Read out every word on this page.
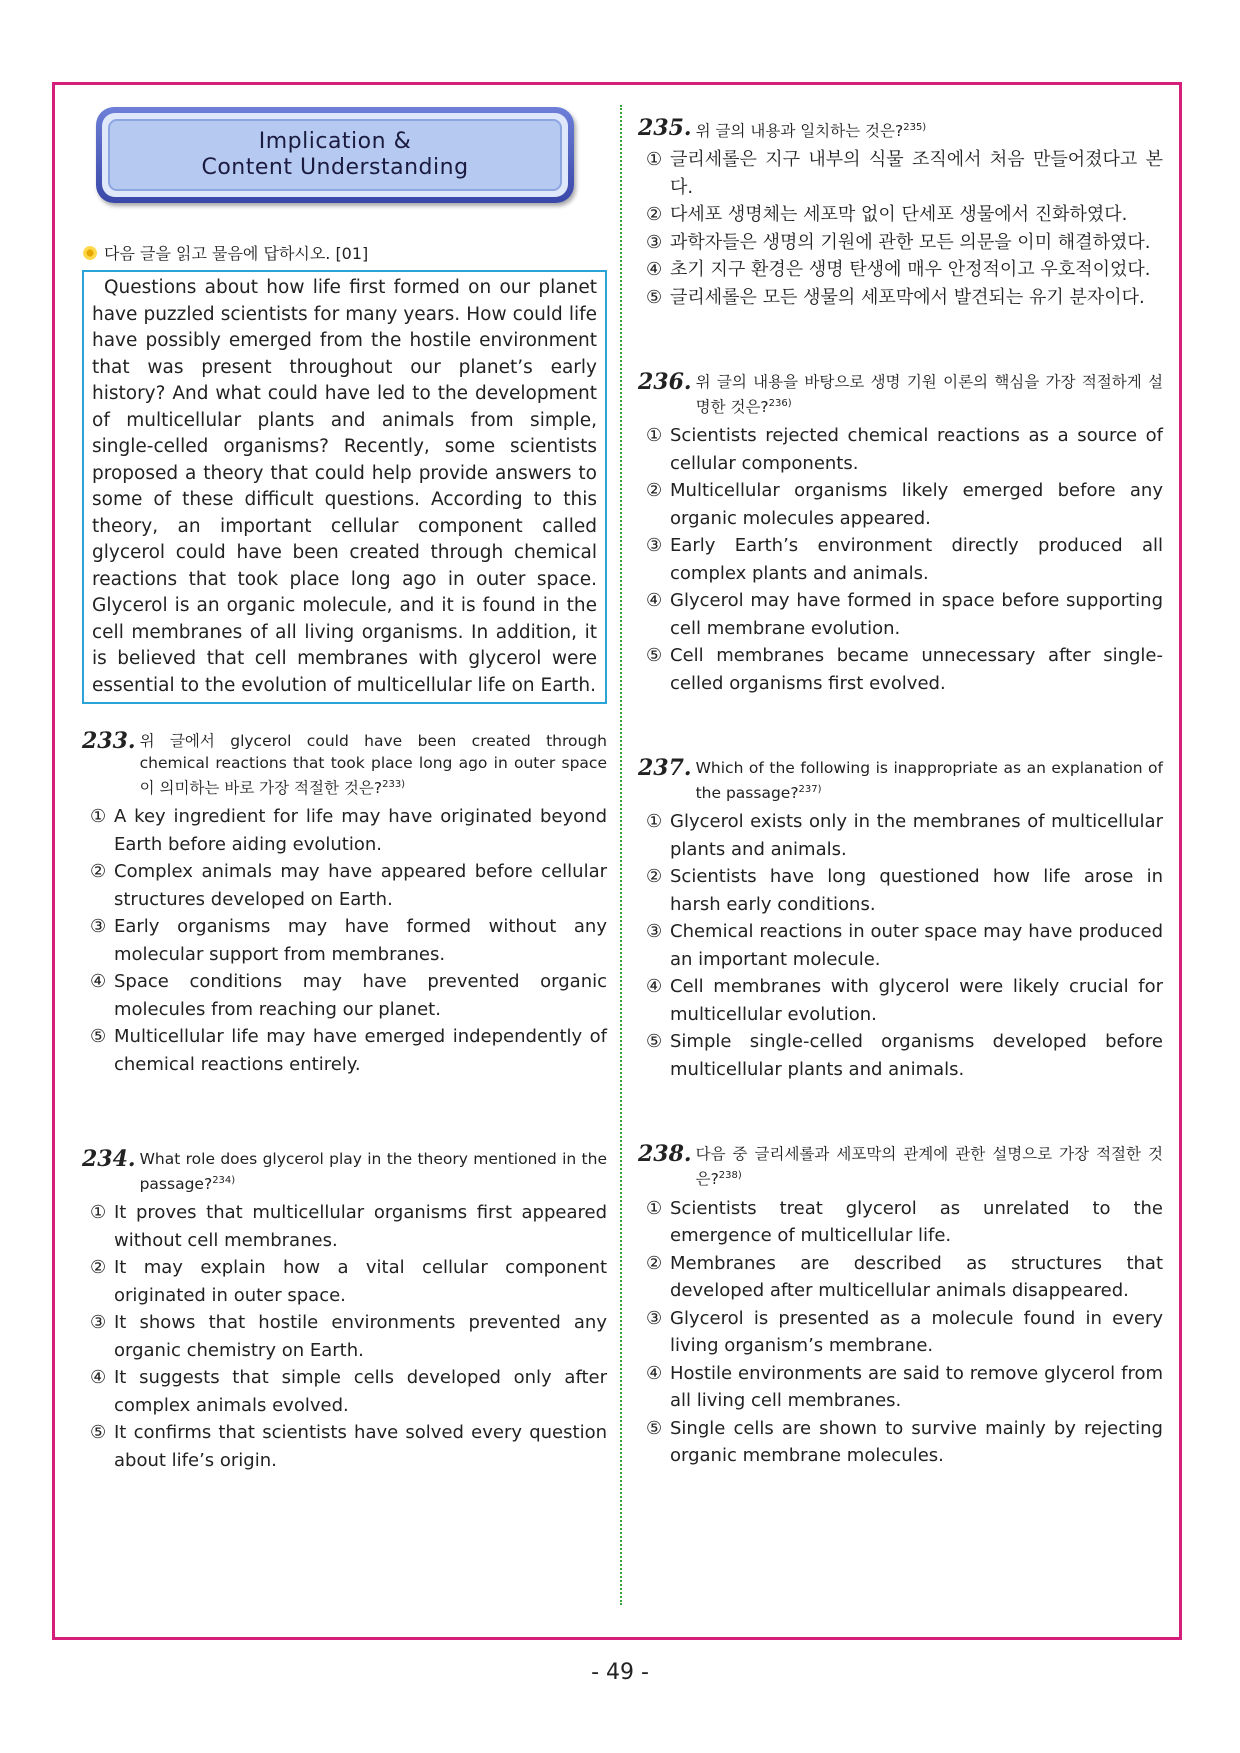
Implication &
Content Understanding
다음 글을 읽고 물음에 답하시오. [01]
Questions about how life first formed on our planet have puzzled scientists for many years. How could life have possibly emerged from the hostile environment that was present throughout our planet’s early history? And what could have led to the development of multicellular plants and animals from simple, single-celled organisms? Recently, some scientists proposed a theory that could help provide answers to some of these difficult questions. According to this theory, an important cellular component called glycerol could have been created through chemical reactions that took place long ago in outer space. Glycerol is an organic molecule, and it is found in the cell membranes of all living organisms. In addition, it is believed that cell membranes with glycerol were essential to the evolution of multicellular life on Earth.
233. 위 글에서 glycerol could have been created through chemical reactions that took place long ago in outer space 이 의미하는 바로 가장 적절한 것은?$^{233)}$
① A key ingredient for life may have originated beyond Earth before aiding evolution.
② Complex animals may have appeared before cellular structures developed on Earth.
③ Early organisms may have formed without any molecular support from membranes.
④ Space conditions may have prevented organic molecules from reaching our planet.
⑤ Multicellular life may have emerged independently of chemical reactions entirely.
234. What role does glycerol play in the theory mentioned in the passage?$^{234)}$
① It proves that multicellular organisms first appeared without cell membranes.
② It may explain how a vital cellular component originated in outer space.
③ It shows that hostile environments prevented any organic chemistry on Earth.
④ It suggests that simple cells developed only after complex animals evolved.
⑤ It confirms that scientists have solved every question about life’s origin.
235. 위 글의 내용과 일치하는 것은?$^{235)}$
① 글리세롤은 지구 내부의 식물 조직에서 처음 만들어졌다고 본다.
② 다세포 생명체는 세포막 없이 단세포 생물에서 진화하였다.
③ 과학자들은 생명의 기원에 관한 모든 의문을 이미 해결하였다.
④ 초기 지구 환경은 생명 탄생에 매우 안정적이고 우호적이었다.
⑤ 글리세롤은 모든 생물의 세포막에서 발견되는 유기 분자이다.
236. 위 글의 내용을 바탕으로 생명 기원 이론의 핵심을 가장 적절하게 설명한 것은?$^{236)}$
① Scientists rejected chemical reactions as a source of cellular components.
② Multicellular organisms likely emerged before any organic molecules appeared.
③ Early Earth’s environment directly produced all complex plants and animals.
④ Glycerol may have formed in space before supporting cell membrane evolution.
⑤ Cell membranes became unnecessary after single-celled organisms first evolved.
237. Which of the following is inappropriate as an explanation of the passage?$^{237)}$
① Glycerol exists only in the membranes of multicellular plants and animals.
② Scientists have long questioned how life arose in harsh early conditions.
③ Chemical reactions in outer space may have produced an important molecule.
④ Cell membranes with glycerol were likely crucial for multicellular evolution.
⑤ Simple single-celled organisms developed before multicellular plants and animals.
238. 다음 중 글리세롤과 세포막의 관계에 관한 설명으로 가장 적절한 것은?$^{238)}$
① Scientists treat glycerol as unrelated to the emergence of multicellular life.
② Membranes are described as structures that developed after multicellular animals disappeared.
③ Glycerol is presented as a molecule found in every living organism’s membrane.
④ Hostile environments are said to remove glycerol from all living cell membranes.
⑤ Single cells are shown to survive mainly by rejecting organic membrane molecules.
- 49 -
